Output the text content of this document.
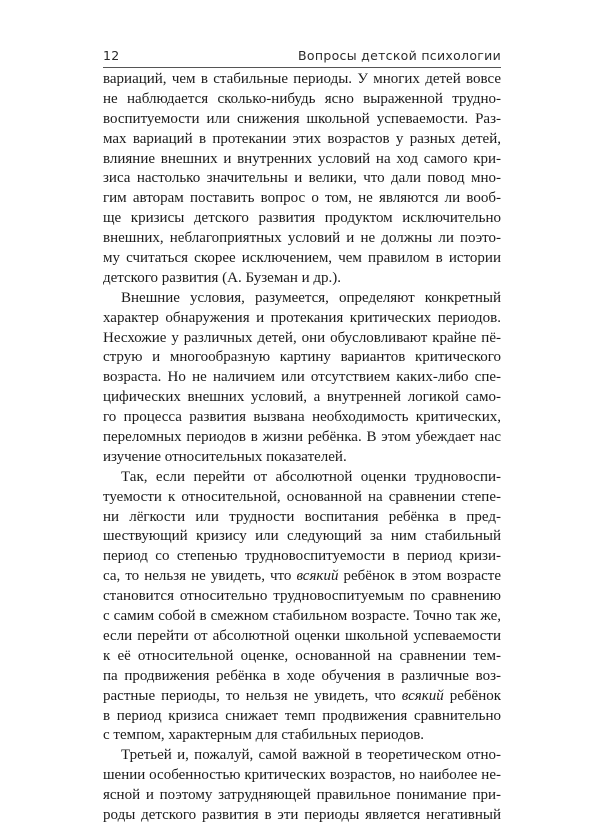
12	Вопросы детской психологии
вариаций, чем в стабильные периоды. У многих детей вовсе
не наблюдается сколько-нибудь ясно выраженной трудно-
воспитуемости или снижения школьной успеваемости. Раз-
мах вариаций в протекании этих возрастов у разных детей,
влияние внешних и внутренних условий на ход самого кри-
зиса настолько значительны и велики, что дали повод мно-
гим авторам поставить вопрос о том, не являются ли вооб-
ще кризисы детского развития продуктом исключительно
внешних, неблагоприятных условий и не должны ли поэто-
му считаться скорее исключением, чем правилом в истории
детского развития (А. Буземан и др.).
Внешние условия, разумеется, определяют конкретный
характер обнаружения и протекания критических периодов.
Несхожие у различных детей, они обусловливают крайне пё-
струю и многообразную картину вариантов критического
возраста. Но не наличием или отсутствием каких-либо спе-
цифических внешних условий, а внутренней логикой само-
го процесса развития вызвана необходимость критических,
переломных периодов в жизни ребёнка. В этом убеждает нас
изучение относительных показателей.
Так, если перейти от абсолютной оценки трудновоспи-
туемости к относительной, основанной на сравнении степе-
ни лёгкости или трудности воспитания ребёнка в пред-
шествующий кризису или следующий за ним стабильный
период со степенью трудновоспитуемости в период кризи-
са, то нельзя не увидеть, что всякий ребёнок в этом возрасте
становится относительно трудновоспитуемым по сравнению
с самим собой в смежном стабильном возрасте. Точно так же,
если перейти от абсолютной оценки школьной успеваемости
к её относительной оценке, основанной на сравнении тем-
па продвижения ребёнка в ходе обучения в различные воз-
растные периоды, то нельзя не увидеть, что всякий ребёнок
в период кризиса снижает темп продвижения сравнительно
с темпом, характерным для стабильных периодов.
Третьей и, пожалуй, самой важной в теоретическом отно-
шении особенностью критических возрастов, но наиболее не-
ясной и поэтому затрудняющей правильное понимание при-
роды детского развития в эти периоды является негативный
